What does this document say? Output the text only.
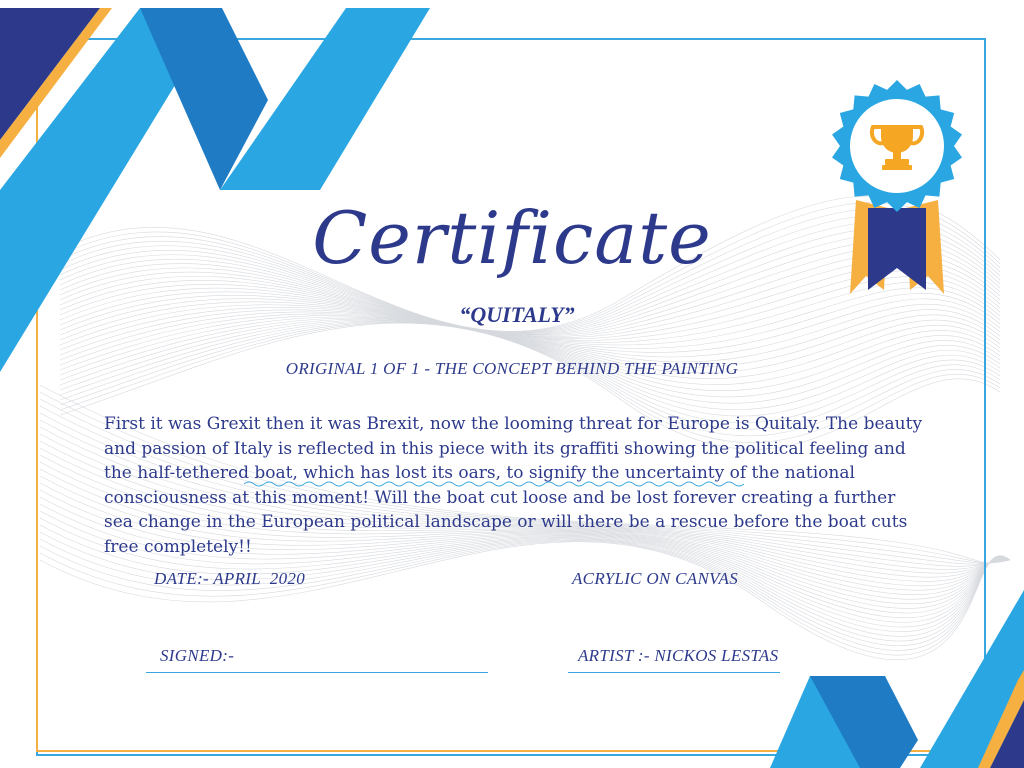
Certificate
“QUITALY”
ORIGINAL 1 OF 1 - THE CONCEPT BEHIND THE PAINTING
First it was Grexit then it was Brexit, now the looming threat for Europe is Quitaly. The beauty and passion of Italy is reflected in this piece with its graffiti showing the political feeling and the half-tethered boat, which has lost its oars, to signify the uncertainty of the national consciousness at this moment! Will the boat cut loose and be lost forever creating a further sea change in the European political landscape or will there be a rescue before the boat cuts free completely!!
DATE:- APRIL  2020	ACRYLIC ON CANVAS
SIGNED:-	ARTIST :- NICKOS LESTAS
